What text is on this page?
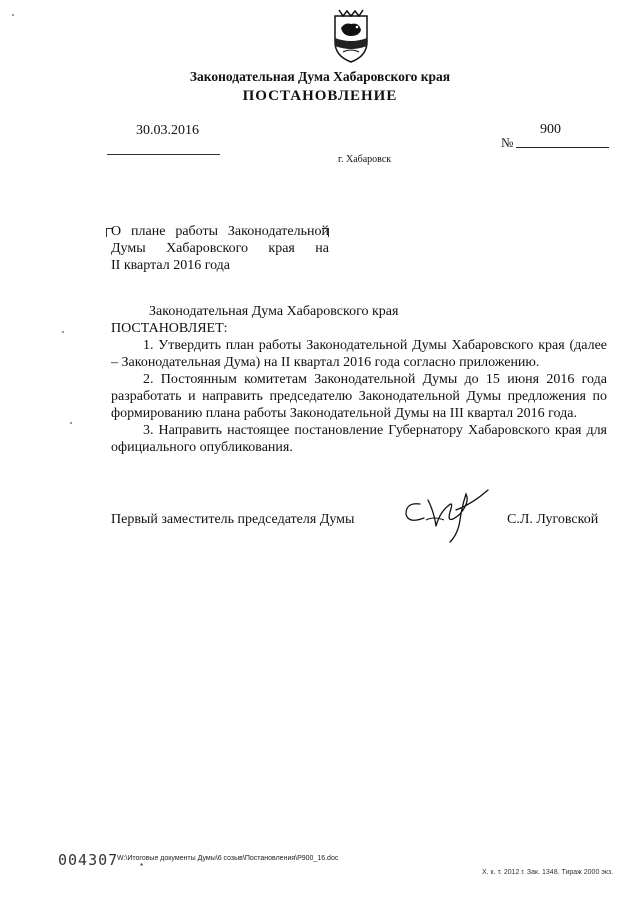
Законодательная Дума Хабаровского края
ПОСТАНОВЛЕНИЕ
30.03.2016	900
№
г. Хабаровск
О плане работы Законодательной
Думы Хабаровского края на
II квартал 2016 года

Законодательная Дума Хабаровского края

ПОСТАНОВЛЯЕТ:

1. Утвердить план работы Законодательной Думы Хабаровского края (далее – Законодательная Дума) на II квартал 2016 года согласно приложению.

2. Постоянным комитетам Законодательной Думы до 15 июня 2016 года разработать и направить председателю Законодательной Думы предложения по формированию плана работы Законодательной Думы на III квартал 2016 года.

3. Направить настоящее постановление Губернатору Хабаровского края для официального опубликования.

Первый заместитель председателя Думы	С.Л. Луговской
004307
W:\Итоговые документы Думы\6 созыв\Постановления\P900_16.doc
*
Х. к. т. 2012 г. Зак. 1348. Тираж 2000 экз.
